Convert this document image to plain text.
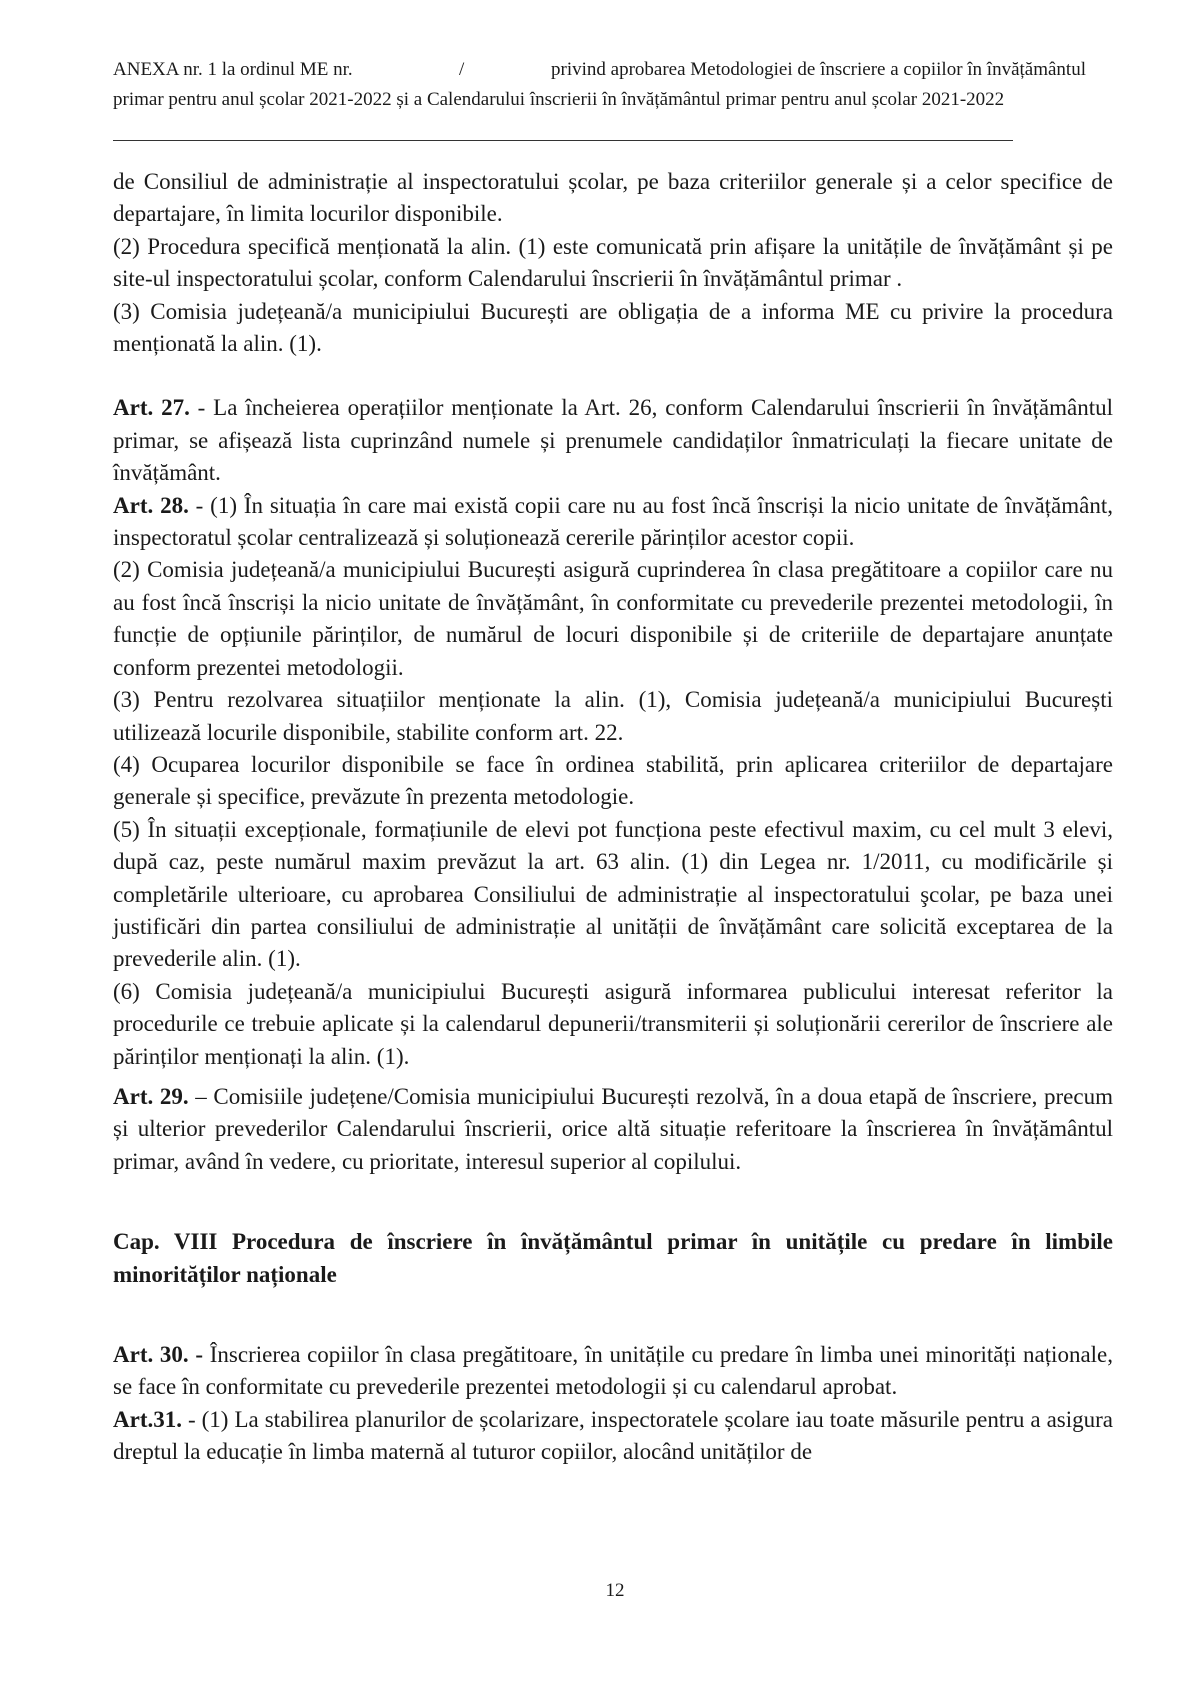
ANEXA nr. 1 la ordinul ME nr.	/	privind aprobarea Metodologiei de înscriere a copiilor în învățământul
primar pentru anul școlar 2021-2022 și a Calendarului înscrierii în învățământul primar pentru anul școlar 2021-2022

de Consiliul de administrație al inspectoratului școlar, pe baza criteriilor generale și a celor specifice de departajare, în limita locurilor disponibile.

(2) Procedura specifică menționată la alin. (1) este comunicată prin afișare la unitățile de învățământ și pe site-ul inspectoratului școlar, conform Calendarului înscrierii în învățământul primar .

(3) Comisia județeană/a municipiului București are obligația de a informa ME cu privire la procedura menționată la alin. (1).

Art. 27. - La încheierea operațiilor menționate la Art. 26, conform Calendarului înscrierii în învățământul primar, se afișează lista cuprinzând numele și prenumele candidaților înmatriculați la fiecare unitate de învățământ.

Art. 28. - (1) În situația în care mai există copii care nu au fost încă înscriși la nicio unitate de învățământ, inspectoratul școlar centralizează și soluționează cererile părinților acestor copii.

(2) Comisia județeană/a municipiului București asigură cuprinderea în clasa pregătitoare a copiilor care nu au fost încă înscriși la nicio unitate de învățământ, în conformitate cu prevederile prezentei metodologii, în funcție de opțiunile părinților, de numărul de locuri disponibile și de criteriile de departajare anunțate conform prezentei metodologii.

(3) Pentru rezolvarea situațiilor menționate la alin. (1), Comisia județeană/a municipiului București utilizează locurile disponibile, stabilite conform art. 22.

(4) Ocuparea locurilor disponibile se face în ordinea stabilită, prin aplicarea criteriilor de departajare generale și specifice, prevăzute în prezenta metodologie.

(5) În situații excepționale, formațiunile de elevi pot funcționa peste efectivul maxim, cu cel mult 3 elevi, după caz, peste numărul maxim prevăzut la art. 63 alin. (1) din Legea nr. 1/2011, cu modificările și completările ulterioare, cu aprobarea Consiliului de administrație al inspectoratului şcolar, pe baza unei justificări din partea consiliului de administrație al unității de învățământ care solicită exceptarea de la prevederile alin. (1).

(6) Comisia județeană/a municipiului București asigură informarea publicului interesat referitor la procedurile ce trebuie aplicate și la calendarul depunerii/transmiterii și soluționării cererilor de înscriere ale părinților menționați la alin. (1).

Art. 29. – Comisiile județene/Comisia municipiului București rezolvă, în a doua etapă de înscriere, precum și ulterior prevederilor Calendarului înscrierii, orice altă situație referitoare la înscrierea în învățământul primar, având în vedere, cu prioritate, interesul superior al copilului.

Cap. VIII Procedura de înscriere în învățământul primar în unitățile cu predare în limbile minorităților naționale

Art. 30. - Înscrierea copiilor în clasa pregătitoare, în unitățile cu predare în limba unei minorități naționale, se face în conformitate cu prevederile prezentei metodologii și cu calendarul aprobat.

Art.31. - (1) La stabilirea planurilor de școlarizare, inspectoratele școlare iau toate măsurile pentru a asigura dreptul la educație în limba maternă al tuturor copiilor, alocând unităților de

12
